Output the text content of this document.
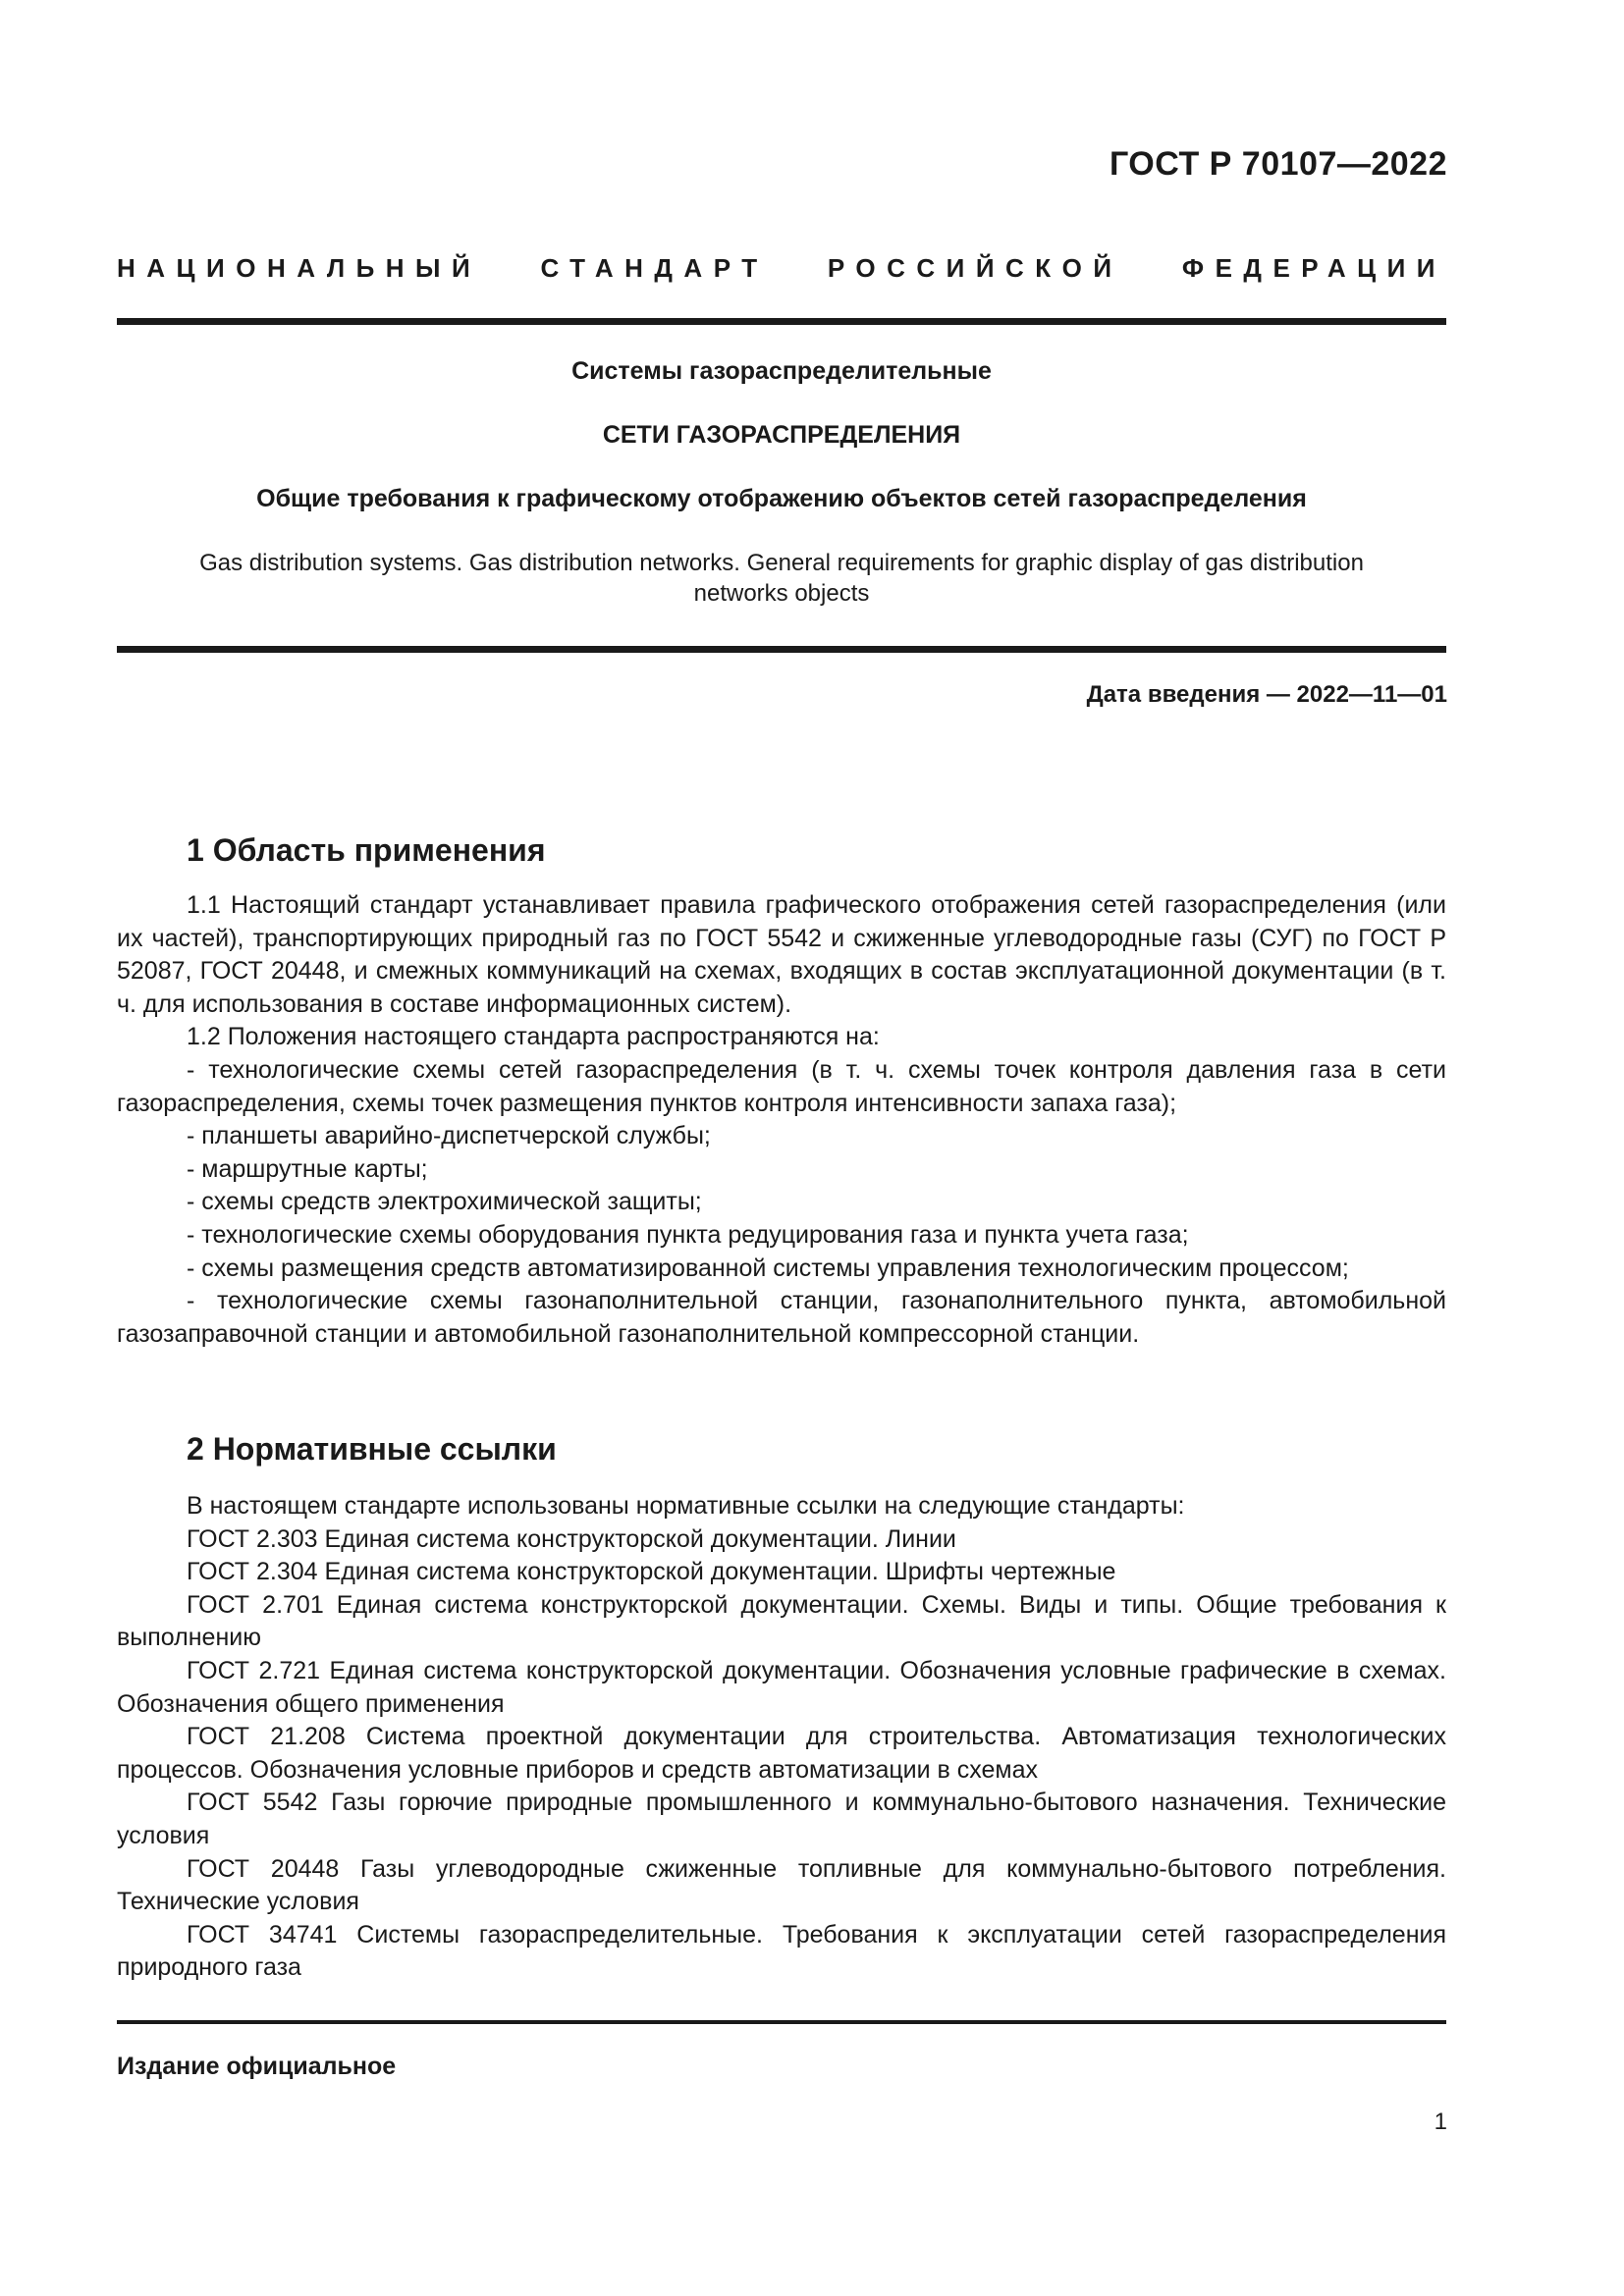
ГОСТ Р 70107—2022
НАЦИОНАЛЬНЫЙ СТАНДАРТ РОССИЙСКОЙ ФЕДЕРАЦИИ
Системы газораспределительные
СЕТИ ГАЗОРАСПРЕДЕЛЕНИЯ
Общие требования к графическому отображению объектов сетей газораспределения
Gas distribution systems. Gas distribution networks. General requirements for graphic display of gas distribution
networks objects
Дата введения — 2022—11—01
1 Область применения

1.1 Настоящий стандарт устанавливает правила графического отображения сетей газораспределения (или их частей), транспортирующих природный газ по ГОСТ 5542 и сжиженные углеводородные газы (СУГ) по ГОСТ Р 52087, ГОСТ 20448, и смежных коммуникаций на схемах, входящих в состав эксплуатационной документации (в т. ч. для использования в составе информационных систем).

1.2 Положения настоящего стандарта распространяются на:

- технологические схемы сетей газораспределения (в т. ч. схемы точек контроля давления газа в сети газораспределения, схемы точек размещения пунктов контроля интенсивности запаха газа);

- планшеты аварийно-диспетчерской службы;

- маршрутные карты;

- схемы средств электрохимической защиты;

- технологические схемы оборудования пункта редуцирования газа и пункта учета газа;

- схемы размещения средств автоматизированной системы управления технологическим процессом;

- технологические схемы газонаполнительной станции, газонаполнительного пункта, автомобильной газозаправочной станции и автомобильной газонаполнительной компрессорной станции.

2 Нормативные ссылки

В настоящем стандарте использованы нормативные ссылки на следующие стандарты:

ГОСТ 2.303 Единая система конструкторской документации. Линии

ГОСТ 2.304 Единая система конструкторской документации. Шрифты чертежные

ГОСТ 2.701 Единая система конструкторской документации. Схемы. Виды и типы. Общие требования к выполнению

ГОСТ 2.721 Единая система конструкторской документации. Обозначения условные графические в схемах. Обозначения общего применения

ГОСТ 21.208 Система проектной документации для строительства. Автоматизация технологических процессов. Обозначения условные приборов и средств автоматизации в схемах

ГОСТ 5542 Газы горючие природные промышленного и коммунально-бытового назначения. Технические условия

ГОСТ 20448 Газы углеводородные сжиженные топливные для коммунально-бытового потребления. Технические условия

ГОСТ 34741 Системы газораспределительные. Требования к эксплуатации сетей газораспределения природного газа

Издание официальное
1
